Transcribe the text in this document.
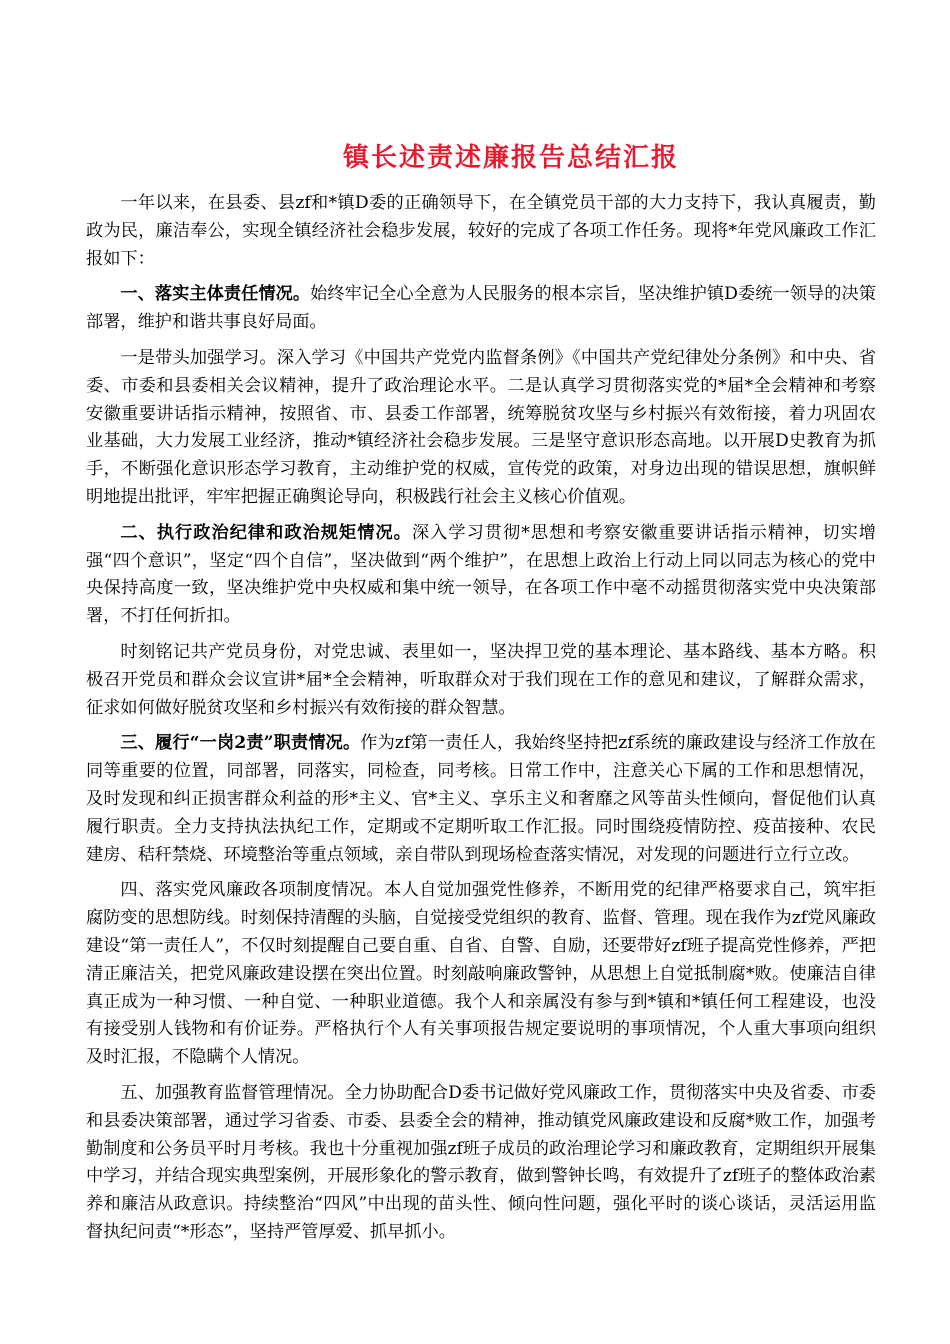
镇长述责述廉报告总结汇报

一年以来，在县委、县zf和*镇D委的正确领导下，在全镇党员干部的大力支持下，我认真履责，勤政为民，廉洁奉公，实现全镇经济社会稳步发展，较好的完成了各项工作任务。现将*年党风廉政工作汇报如下：

一、落实主体责任情况。始终牢记全心全意为人民服务的根本宗旨，坚决维护镇D委统一领导的决策部署，维护和谐共事良好局面。

一是带头加强学习。深入学习《中国共产党党内监督条例》《中国共产党纪律处分条例》和中央、省委、市委和县委相关会议精神，提升了政治理论水平。二是认真学习贯彻落实党的*届*全会精神和考察安徽重要讲话指示精神，按照省、市、县委工作部署，统筹脱贫攻坚与乡村振兴有效衔接，着力巩固农业基础，大力发展工业经济，推动*镇经济社会稳步发展。三是坚守意识形态高地。以开展D史教育为抓手，不断强化意识形态学习教育，主动维护党的权威，宣传党的政策，对身边出现的错误思想，旗帜鲜明地提出批评，牢牢把握正确舆论导向，积极践行社会主义核心价值观。

二、执行政治纪律和政治规矩情况。深入学习贯彻*思想和考察安徽重要讲话指示精神，切实增强“四个意识”，坚定“四个自信”，坚决做到“两个维护”，在思想上政治上行动上同以同志为核心的党中央保持高度一致，坚决维护党中央权威和集中统一领导，在各项工作中毫不动摇贯彻落实党中央决策部署，不打任何折扣。

时刻铭记共产党员身份，对党忠诚、表里如一，坚决捍卫党的基本理论、基本路线、基本方略。积极召开党员和群众会议宣讲*届*全会精神，听取群众对于我们现在工作的意见和建议，了解群众需求，征求如何做好脱贫攻坚和乡村振兴有效衔接的群众智慧。

三、履行“一岗2责”职责情况。作为zf第一责任人，我始终坚持把zf系统的廉政建设与经济工作放在同等重要的位置，同部署，同落实，同检查，同考核。日常工作中，注意关心下属的工作和思想情况，及时发现和纠正损害群众利益的形*主义、官*主义、享乐主义和奢靡之风等苗头性倾向，督促他们认真履行职责。全力支持执法执纪工作，定期或不定期听取工作汇报。同时围绕疫情防控、疫苗接种、农民建房、秸秆禁烧、环境整治等重点领域，亲自带队到现场检查落实情况，对发现的问题进行立行立改。

四、落实党风廉政各项制度情况。本人自觉加强党性修养，不断用党的纪律严格要求自己，筑牢拒腐防变的思想防线。时刻保持清醒的头脑，自觉接受党组织的教育、监督、管理。现在我作为zf党风廉政建设“第一责任人”，不仅时刻提醒自己要自重、自省、自警、自励，还要带好zf班子提高党性修养，严把清正廉洁关，把党风廉政建设摆在突出位置。时刻敲响廉政警钟，从思想上自觉抵制腐*败。使廉洁自律真正成为一种习惯、一种自觉、一种职业道德。我个人和亲属没有参与到*镇和*镇任何工程建设，也没有接受别人钱物和有价证券。严格执行个人有关事项报告规定要说明的事项情况，个人重大事项向组织及时汇报，不隐瞒个人情况。

五、加强教育监督管理情况。全力协助配合D委书记做好党风廉政工作，贯彻落实中央及省委、市委和县委决策部署，通过学习省委、市委、县委全会的精神，推动镇党风廉政建设和反腐*败工作，加强考勤制度和公务员平时月考核。我也十分重视加强zf班子成员的政治理论学习和廉政教育，定期组织开展集中学习，并结合现实典型案例，开展形象化的警示教育，做到警钟长鸣，有效提升了zf班子的整体政治素养和廉洁从政意识。持续整治“四风”中出现的苗头性、倾向性问题，强化平时的谈心谈话，灵活运用监督执纪问责“*形态”，坚持严管厚爱、抓早抓小。
